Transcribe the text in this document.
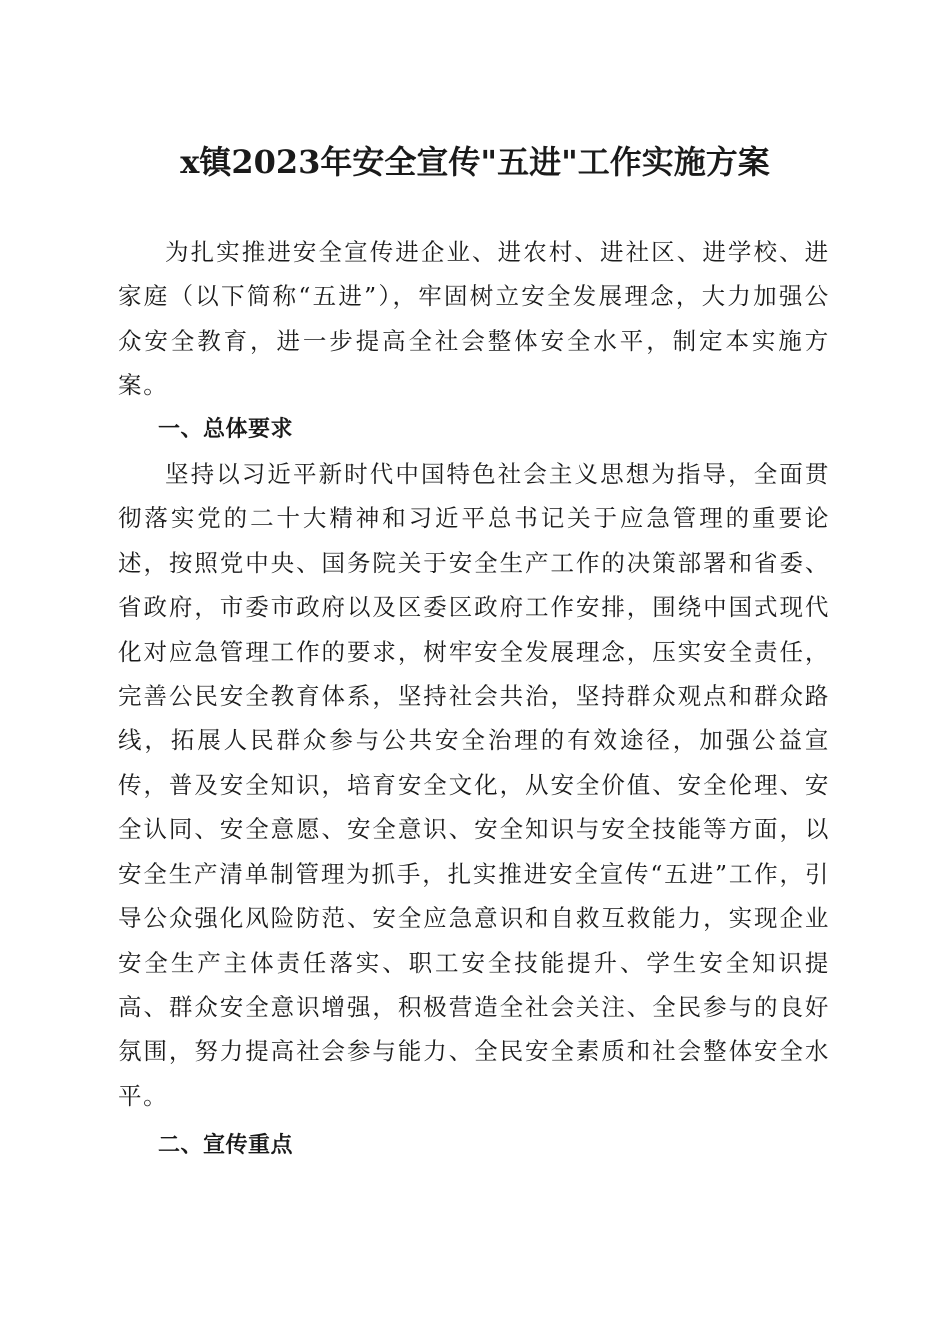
x镇2023年安全宣传"五进"工作实施方案

为扎实推进安全宣传进企业、进农村、进社区、进学校、进家庭（以下简称“五进”），牢固树立安全发展理念，大力加强公众安全教育，进一步提高全社会整体安全水平，制定本实施方案。

一、总体要求

坚持以习近平新时代中国特色社会主义思想为指导，全面贯彻落实党的二十大精神和习近平总书记关于应急管理的重要论述，按照党中央、国务院关于安全生产工作的决策部署和省委、省政府，市委市政府以及区委区政府工作安排，围绕中国式现代化对应急管理工作的要求，树牢安全发展理念，压实安全责任，完善公民安全教育体系，坚持社会共治，坚持群众观点和群众路线，拓展人民群众参与公共安全治理的有效途径，加强公益宣传，普及安全知识，培育安全文化，从安全价值、安全伦理、安全认同、安全意愿、安全意识、安全知识与安全技能等方面，以安全生产清单制管理为抓手，扎实推进安全宣传“五进”工作，引导公众强化风险防范、安全应急意识和自救互救能力，实现企业安全生产主体责任落实、职工安全技能提升、学生安全知识提高、群众安全意识增强，积极营造全社会关注、全民参与的良好氛围，努力提高社会参与能力、全民安全素质和社会整体安全水平。

二、宣传重点
